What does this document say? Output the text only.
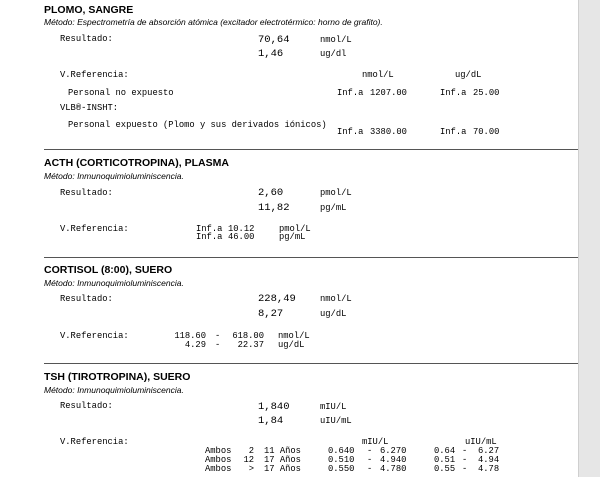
PLOMO, SANGRE
Método: Espectrometría de absorción atómica (excitador electrotérmico: horno de grafito).
Resultado:	70,64	nmol/L
1,46	ug/dl
V.Referencia:	nmol/L	ug/dL
Personal no expuesto	Inf.a 1207.00	Inf.a 25.00
VLB®-INSHT:
Personal expuesto (Plomo y sus derivados iónicos)
Inf.a 3380.00	Inf.a 70.00
ACTH (CORTICOTROPINA), PLASMA
Método: Inmunoquimioluminiscencia.
Resultado:	2,60	pmol/L
11,82	pg/mL
V.Referencia:	Inf.a 10.12	pmol/L
Inf.a 46.00	pg/mL
CORTISOL (8:00), SUERO
Método: Inmunoquimioluminiscencia.
Resultado:	228,49	nmol/L
8,27	ug/dL
V.Referencia:	118.60 -	618.00 nmol/L
4.29 -	22.37 ug/dL
TSH (TIROTROPINA), SUERO
Método: Inmunoquimioluminiscencia.
Resultado:	1,840	mIU/L
1,84	uIU/mL
V.Referencia:	mIU/L	uIU/mL
Ambos	2 11 Años	0.640 - 6.270	0.64 - 6.27
Ambos	12 17 Años	0.510 - 4.940	0.51 - 4.94
Ambos	> 17 Años	0.550 - 4.780	0.55 - 4.78
